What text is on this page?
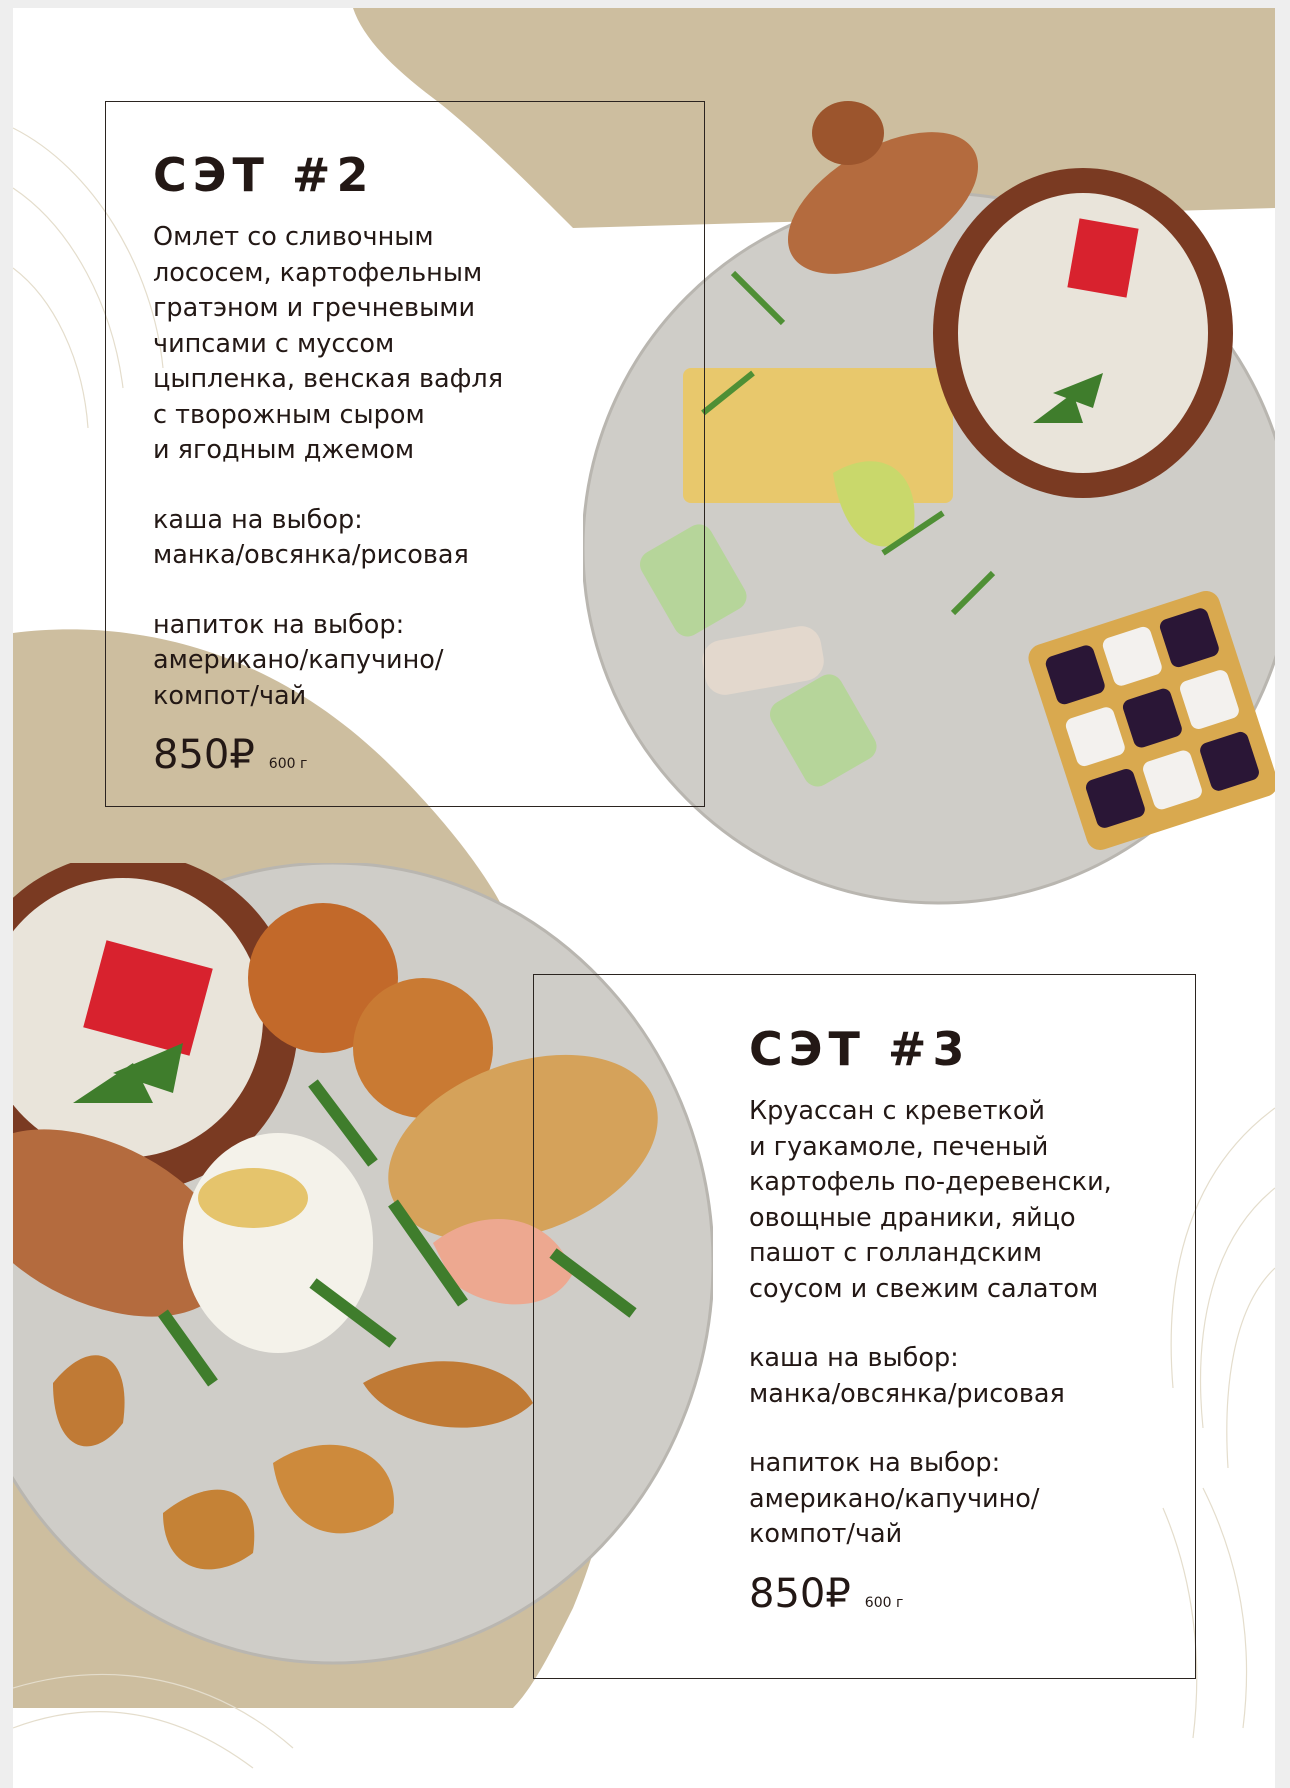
СЭТ #2

Омлет со сливочным
лососем, картофельным
гратэном и гречневыми
чипсами с муссом
цыпленка, венская вафля
с творожным сыром
и ягодным джемом

каша на выбор:
манка/овсянка/рисовая

напиток на выбор:
американо/капучино/
компот/чай

850₽ 600 г
СЭТ #3

Круассан с креветкой
и гуакамоле, печеный
картофель по-деревенски,
овощные драники, яйцо
пашот с голландским
соусом и свежим салатом

каша на выбор:
манка/овсянка/рисовая

напиток на выбор:
американо/капучино/
компот/чай

850₽ 600 г
